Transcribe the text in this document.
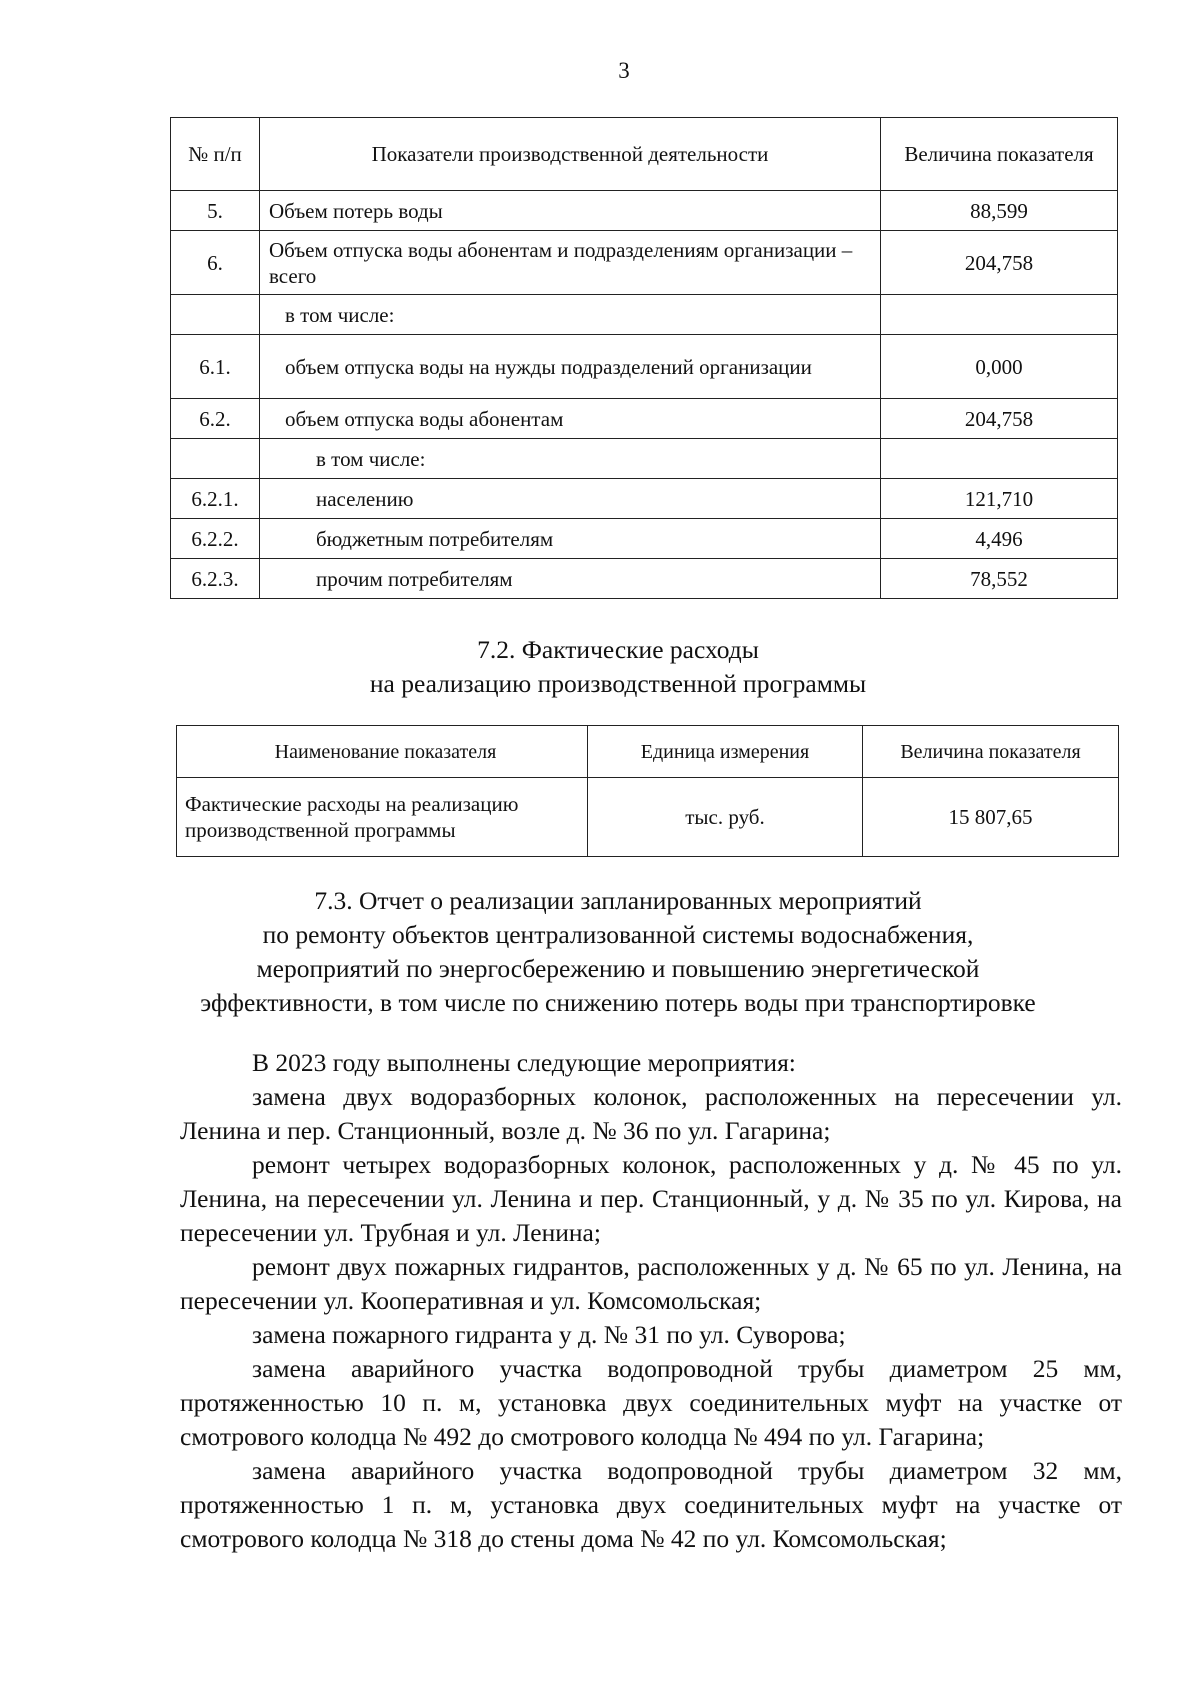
3
№ п/п	Показатели производственной деятельности	Величина показателя
5.	Объем потерь воды	88,599
6.	Объем отпуска воды абонентам и подразделениям организации – всего	204,758
	в том числе:	
6.1.	объем отпуска воды на нужды подразделений организации	0,000
6.2.	объем отпуска воды абонентам	204,758
	в том числе:	
6.2.1.	населению	121,710
6.2.2.	бюджетным потребителям	4,496
6.2.3.	прочим потребителям	78,552
7.2. Фактические расходы
на реализацию производственной программы
Наименование показателя	Единица измерения	Величина показателя
Фактические расходы на реализацию производственной программы	тыс. руб.	15 807,65
7.3. Отчет о реализации запланированных мероприятий
по ремонту объектов централизованной системы водоснабжения,
мероприятий по энергосбережению и повышению энергетической
эффективности, в том числе по снижению потерь воды при транспортировке

В 2023 году выполнены следующие мероприятия:

замена двух водоразборных колонок, расположенных на пересечении ул. Ленина и пер. Станционный, возле д. № 36 по ул. Гагарина;

ремонт четырех водоразборных колонок, расположенных у д. № 45 по ул. Ленина, на пересечении ул. Ленина и пер. Станционный, у д. № 35 по ул. Кирова, на пересечении ул. Трубная и ул. Ленина;

ремонт двух пожарных гидрантов, расположенных у д. № 65 по ул. Ленина, на пересечении ул. Кооперативная и ул. Комсомольская;

замена пожарного гидранта у д. № 31 по ул. Суворова;

замена аварийного участка водопроводной трубы диаметром 25 мм, протяженностью 10 п. м, установка двух соединительных муфт на участке от смотрового колодца № 492 до смотрового колодца № 494 по ул. Гагарина;

замена аварийного участка водопроводной трубы диаметром 32 мм, протяженностью 1 п. м, установка двух соединительных муфт на участке от смотрового колодца № 318 до стены дома № 42 по ул. Комсомольская;
